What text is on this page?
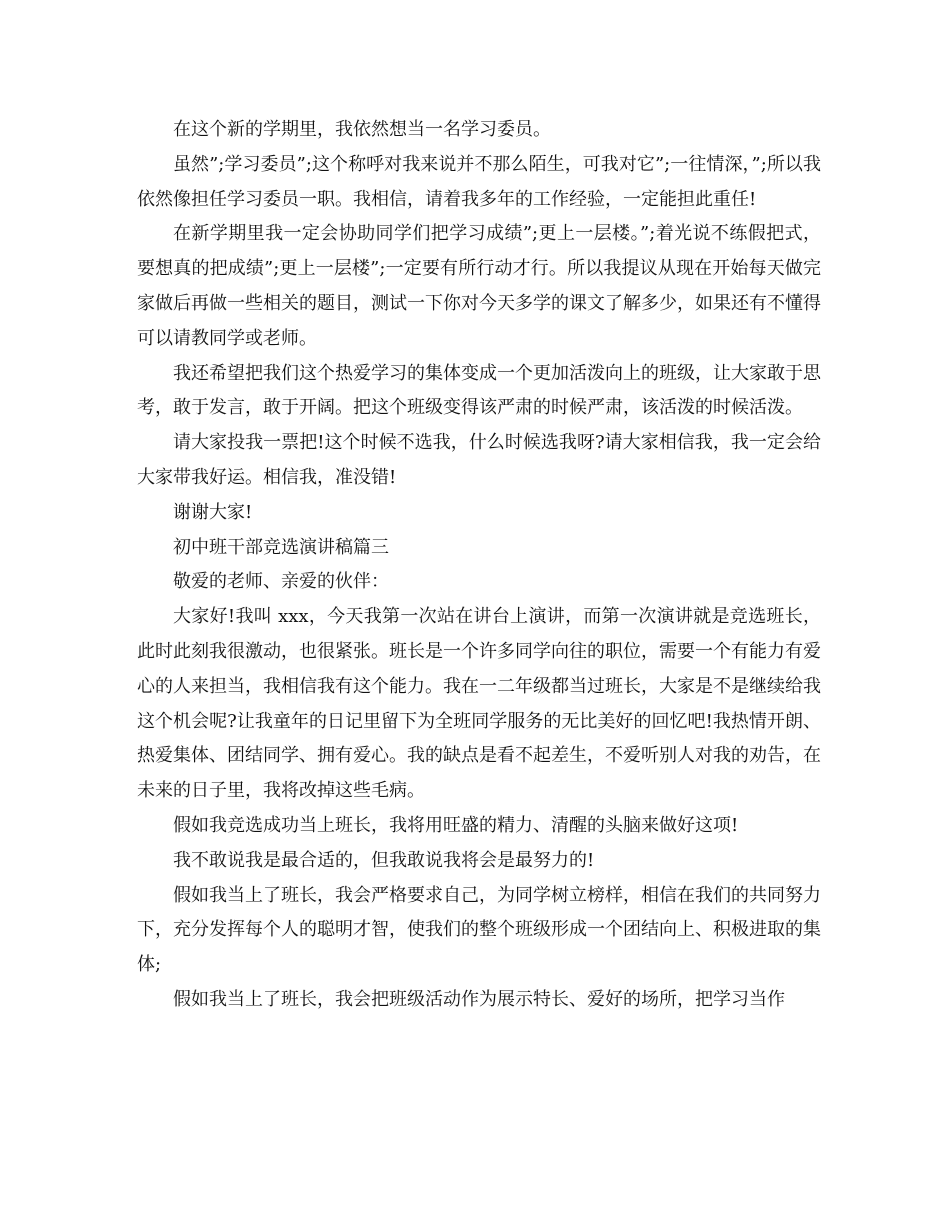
在这个新的学期里，我依然想当一名学习委员。

虽然”;学习委员”;这个称呼对我来说并不那么陌生，可我对它”;一往情深，”;所以我依然像担任学习委员一职。我相信，请着我多年的工作经验，一定能担此重任!

在新学期里我一定会协助同学们把学习成绩”;更上一层楼。”;着光说不练假把式，要想真的把成绩”;更上一层楼”;一定要有所行动才行。所以我提议从现在开始每天做完家做后再做一些相关的题目，测试一下你对今天多学的课文了解多少，如果还有不懂得可以请教同学或老师。

我还希望把我们这个热爱学习的集体变成一个更加活泼向上的班级，让大家敢于思考，敢于发言，敢于开阔。把这个班级变得该严肃的时候严肃，该活泼的时候活泼。

请大家投我一票把!这个时候不选我，什么时候选我呀?请大家相信我，我一定会给大家带我好运。相信我，准没错!

谢谢大家!

初中班干部竞选演讲稿篇三

敬爱的老师、亲爱的伙伴：

大家好!我叫 xxx，今天我第一次站在讲台上演讲，而第一次演讲就是竞选班长，此时此刻我很激动，也很紧张。班长是一个许多同学向往的职位，需要一个有能力有爱心的人来担当，我相信我有这个能力。我在一二年级都当过班长，大家是不是继续给我这个机会呢?让我童年的日记里留下为全班同学服务的无比美好的回忆吧!我热情开朗、热爱集体、团结同学、拥有爱心。我的缺点是看不起差生，不爱听别人对我的劝告，在未来的日子里，我将改掉这些毛病。

假如我竞选成功当上班长，我将用旺盛的精力、清醒的头脑来做好这项!

我不敢说我是最合适的，但我敢说我将会是最努力的!

假如我当上了班长，我会严格要求自己，为同学树立榜样，相信在我们的共同努力下，充分发挥每个人的聪明才智，使我们的整个班级形成一个团结向上、积极进取的集体;

假如我当上了班长，我会把班级活动作为展示特长、爱好的场所，把学习当作
